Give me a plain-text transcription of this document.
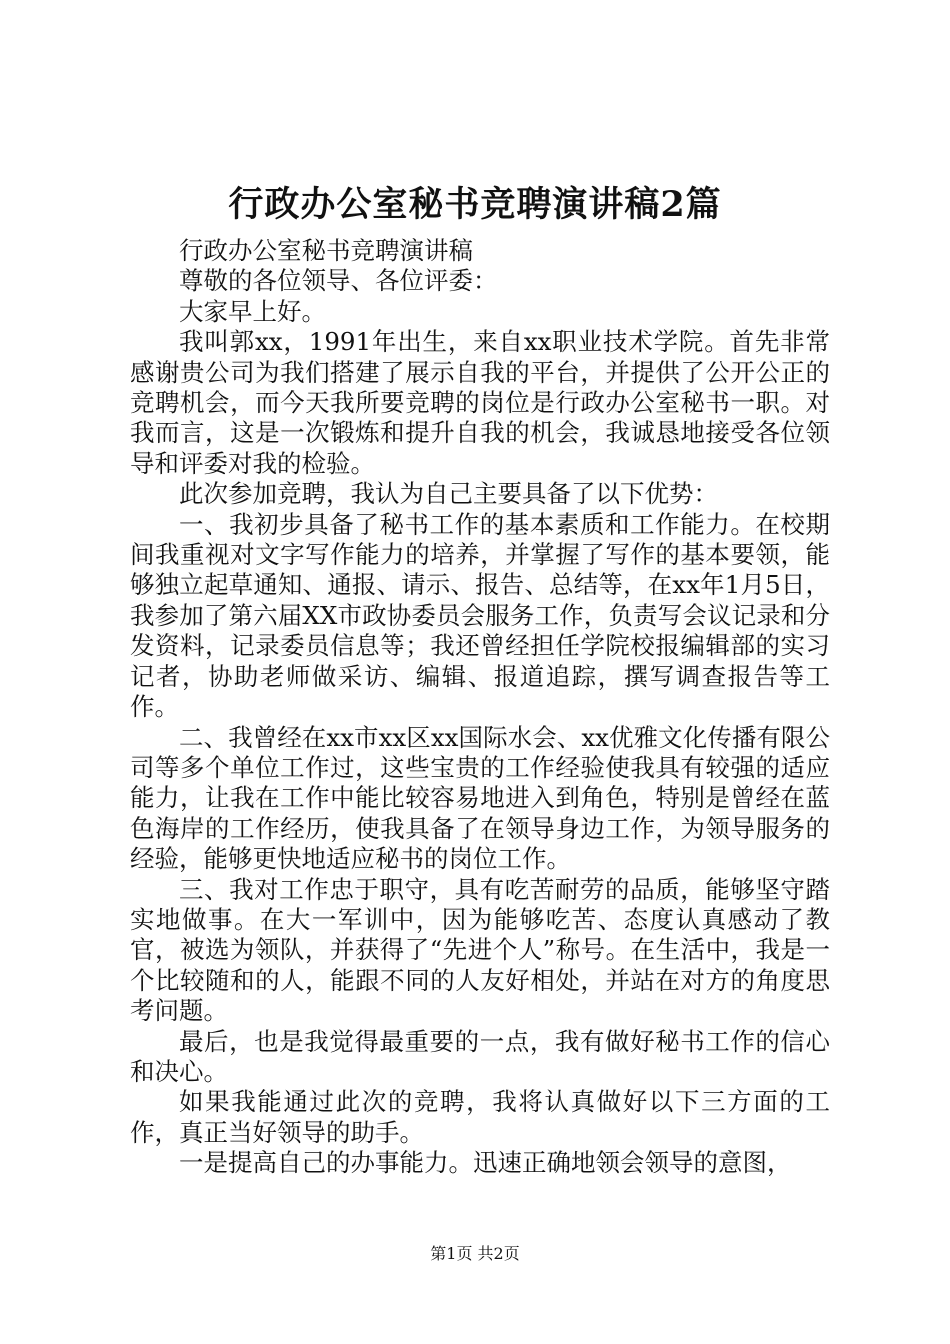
行政办公室秘书竞聘演讲稿2篇

行政办公室秘书竞聘演讲稿

尊敬的各位领导、各位评委：

大家早上好。

我叫郭xx，1991年出生，来自xx职业技术学院。首先非常感谢贵公司为我们搭建了展示自我的平台，并提供了公开公正的竞聘机会，而今天我所要竞聘的岗位是行政办公室秘书一职。对我而言，这是一次锻炼和提升自我的机会，我诚恳地接受各位领导和评委对我的检验。

此次参加竞聘，我认为自己主要具备了以下优势：

一、我初步具备了秘书工作的基本素质和工作能力。在校期间我重视对文字写作能力的培养，并掌握了写作的基本要领，能够独立起草通知、通报、请示、报告、总结等，在xx年1月5日，我参加了第六届XX市政协委员会服务工作，负责写会议记录和分发资料，记录委员信息等；我还曾经担任学院校报编辑部的实习记者，协助老师做采访、编辑、报道追踪，撰写调查报告等工作。

二、我曾经在xx市xx区xx国际水会、xx优雅文化传播有限公司等多个单位工作过，这些宝贵的工作经验使我具有较强的适应能力，让我在工作中能比较容易地进入到角色，特别是曾经在蓝色海岸的工作经历，使我具备了在领导身边工作，为领导服务的经验，能够更快地适应秘书的岗位工作。

三、我对工作忠于职守，具有吃苦耐劳的品质，能够坚守踏实地做事。在大一军训中，因为能够吃苦、态度认真感动了教官，被选为领队，并获得了“先进个人”称号。在生活中，我是一个比较随和的人，能跟不同的人友好相处，并站在对方的角度思考问题。

最后，也是我觉得最重要的一点，我有做好秘书工作的信心和决心。

如果我能通过此次的竞聘，我将认真做好以下三方面的工作，真正当好领导的助手。

一是提高自己的办事能力。迅速正确地领会领导的意图，

第1页 共2页
